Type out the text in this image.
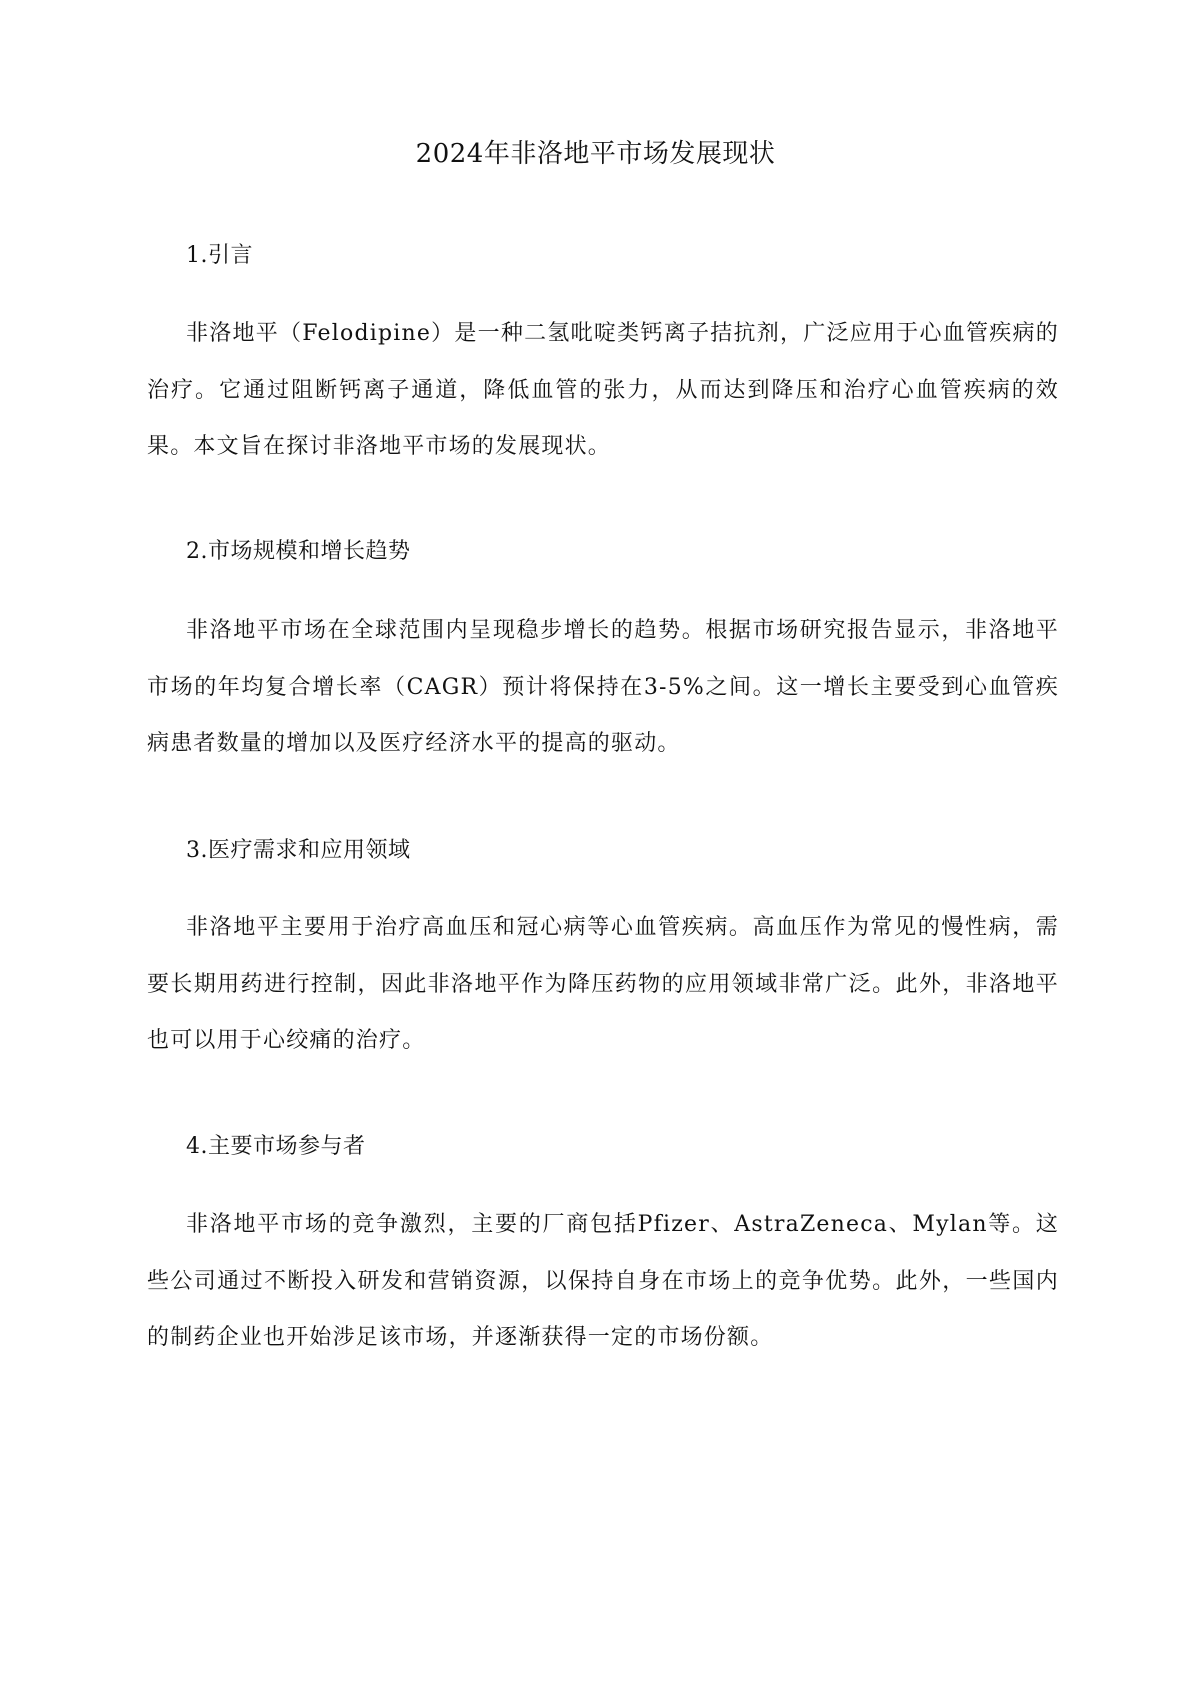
2024年非洛地平市场发展现状
1.引言
非洛地平（Felodipine）是一种二氢吡啶类钙离子拮抗剂，广泛应用于心血管疾病的治疗。它通过阻断钙离子通道，降低血管的张力，从而达到降压和治疗心血管疾病的效果。本文旨在探讨非洛地平市场的发展现状。
2.市场规模和增长趋势
非洛地平市场在全球范围内呈现稳步增长的趋势。根据市场研究报告显示，非洛地平市场的年均复合增长率（CAGR）预计将保持在3-5%之间。这一增长主要受到心血管疾病患者数量的增加以及医疗经济水平的提高的驱动。
3.医疗需求和应用领域
非洛地平主要用于治疗高血压和冠心病等心血管疾病。高血压作为常见的慢性病，需要长期用药进行控制，因此非洛地平作为降压药物的应用领域非常广泛。此外，非洛地平也可以用于心绞痛的治疗。
4.主要市场参与者
非洛地平市场的竞争激烈，主要的厂商包括Pfizer、AstraZeneca、Mylan等。这些公司通过不断投入研发和营销资源，以保持自身在市场上的竞争优势。此外，一些国内的制药企业也开始涉足该市场，并逐渐获得一定的市场份额。
